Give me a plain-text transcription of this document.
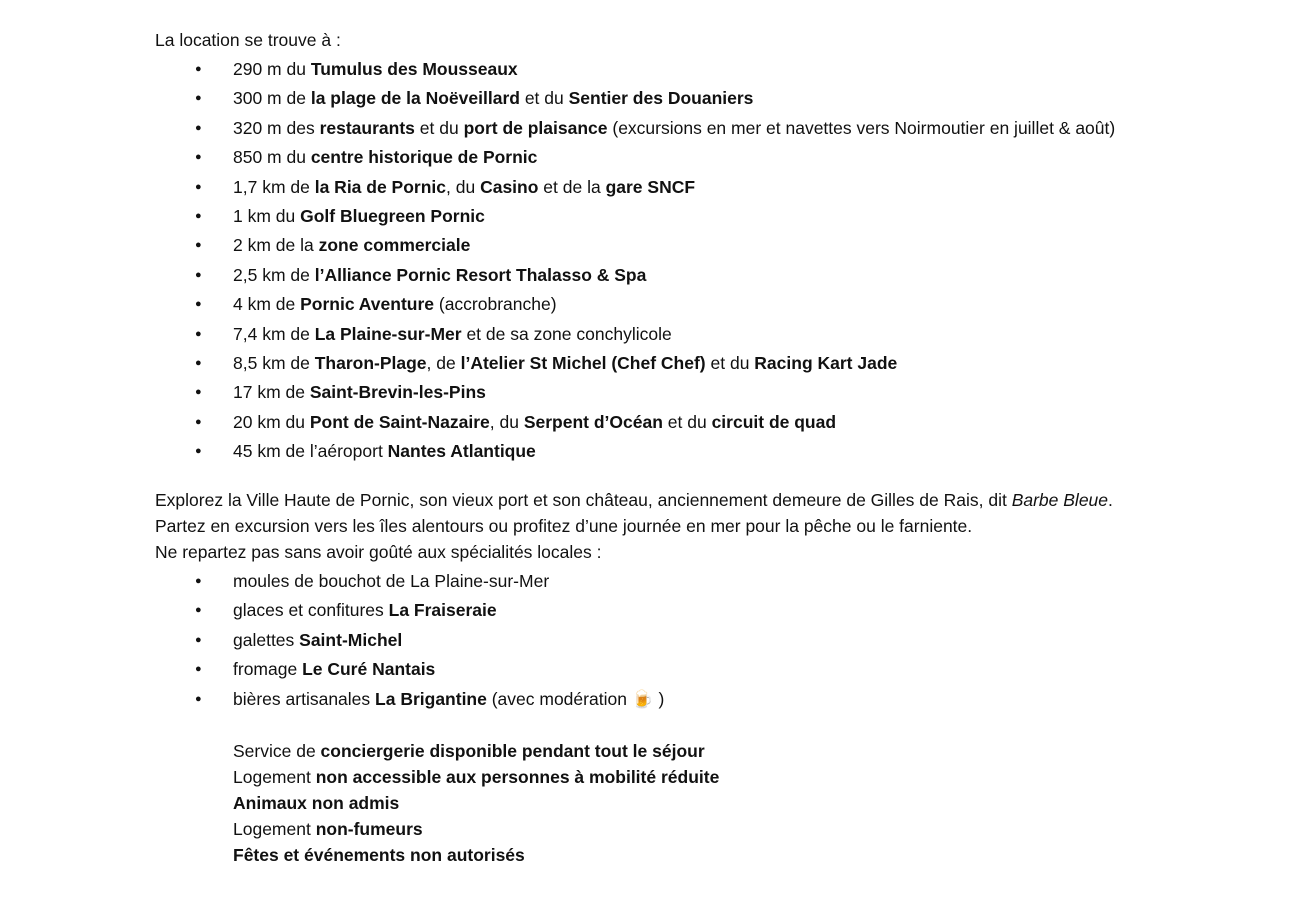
La location se trouve à :

● 290 m du Tumulus des Mousseaux
● 300 m de la plage de la Noëveillard et du Sentier des Douaniers
● 320 m des restaurants et du port de plaisance (excursions en mer et navettes vers Noirmoutier en juillet & août)
● 850 m du centre historique de Pornic
● 1,7 km de la Ria de Pornic, du Casino et de la gare SNCF
● 1 km du Golf Bluegreen Pornic
● 2 km de la zone commerciale
● 2,5 km de l’Alliance Pornic Resort Thalasso & Spa
● 4 km de Pornic Aventure (accrobranche)
● 7,4 km de La Plaine-sur-Mer et de sa zone conchylicole
● 8,5 km de Tharon-Plage, de l’Atelier St Michel (Chef Chef) et du Racing Kart Jade
● 17 km de Saint-Brevin-les-Pins
● 20 km du Pont de Saint-Nazaire, du Serpent d’Océan et du circuit de quad
● 45 km de l’aéroport Nantes Atlantique

Explorez la Ville Haute de Pornic, son vieux port et son château, anciennement demeure de Gilles de Rais, dit Barbe Bleue. Partez en excursion vers les îles alentours ou profitez d’une journée en mer pour la pêche ou le farniente.

Ne repartez pas sans avoir goûté aux spécialités locales :

● moules de bouchot de La Plaine-sur-Mer
● glaces et confitures La Fraiseraie
● galettes Saint-Michel
● fromage Le Curé Nantais
● bières artisanales La Brigantine (avec modération 🍺 )
Service de conciergerie disponible pendant tout le séjour
Logement non accessible aux personnes à mobilité réduite
Animaux non admis
Logement non-fumeurs
Fêtes et événements non autorisés
